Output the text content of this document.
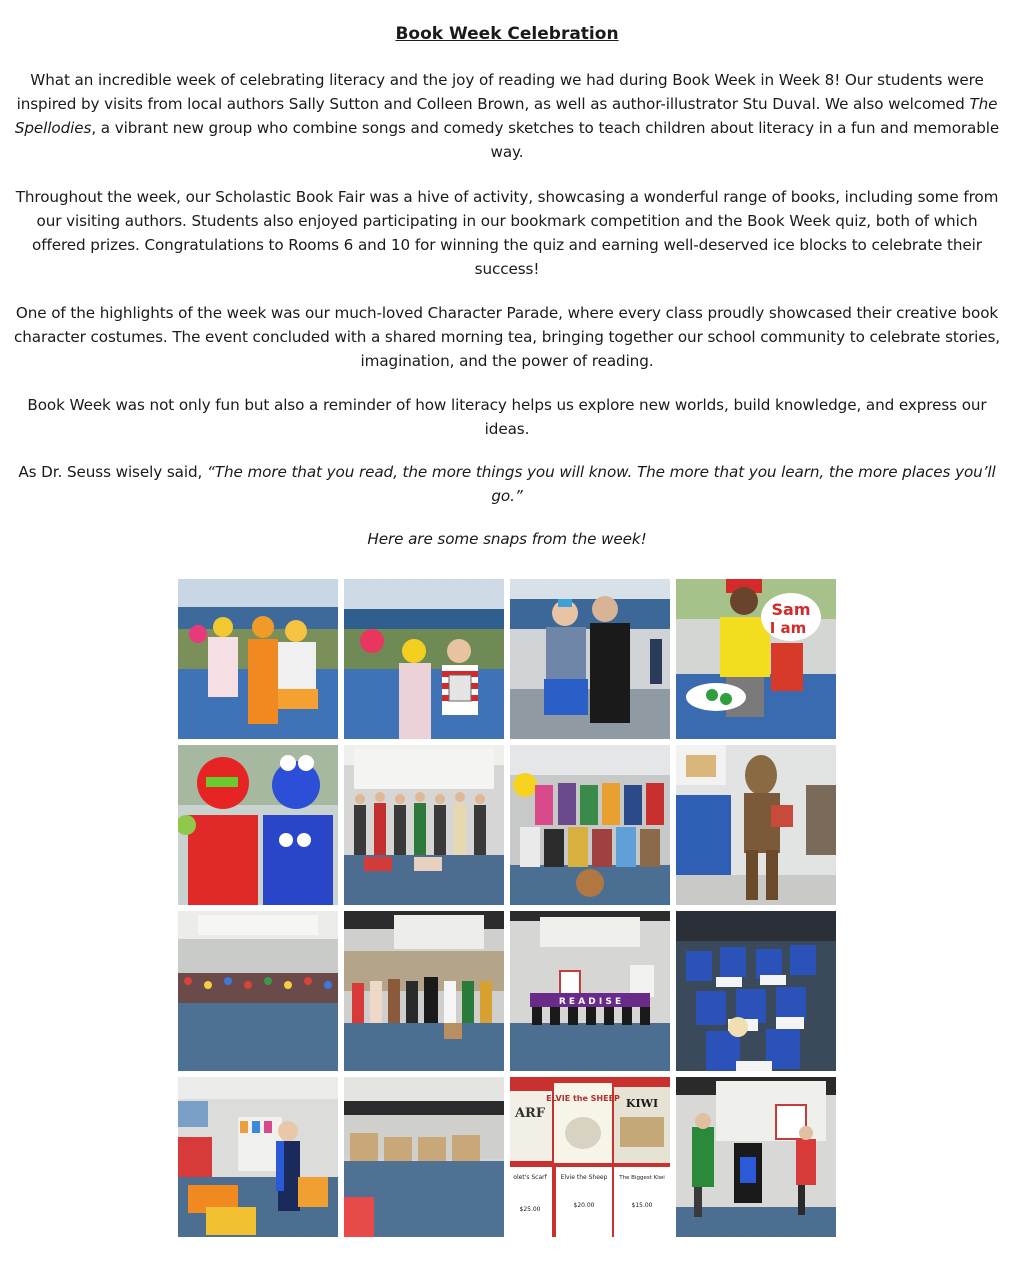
Book Week Celebration

What an incredible week of celebrating literacy and the joy of reading we had during Book Week in Week 8! Our students were inspired by visits from local authors Sally Sutton and Colleen Brown, as well as author-illustrator Stu Duval. We also welcomed The Spellodies, a vibrant new group who combine songs and comedy sketches to teach children about literacy in a fun and memorable way.

Throughout the week, our Scholastic Book Fair was a hive of activity, showcasing a wonderful range of books, including some from our visiting authors. Students also enjoyed participating in our bookmark competition and the Book Week quiz, both of which offered prizes. Congratulations to Rooms 6 and 10 for winning the quiz and earning well-deserved ice blocks to celebrate their success!

One of the highlights of the week was our much-loved Character Parade, where every class proudly showcased their creative book character costumes. The event concluded with a shared morning tea, bringing together our school community to celebrate stories, imagination, and the power of reading.

Book Week was not only fun but also a reminder of how literacy helps us explore new worlds, build knowledge, and express our ideas.

As Dr. Seuss wisely said, “The more that you read, the more things you will know. The more that you learn, the more places you’ll go.”

Here are some snaps from the week!

Sam
I am
R E A D I S E
ELVIE the SHEEP KIWI
ARF
olet's Scarf Elvie the Sheep The Biggest Kiwi
$25.00
$20.00	$15.00
